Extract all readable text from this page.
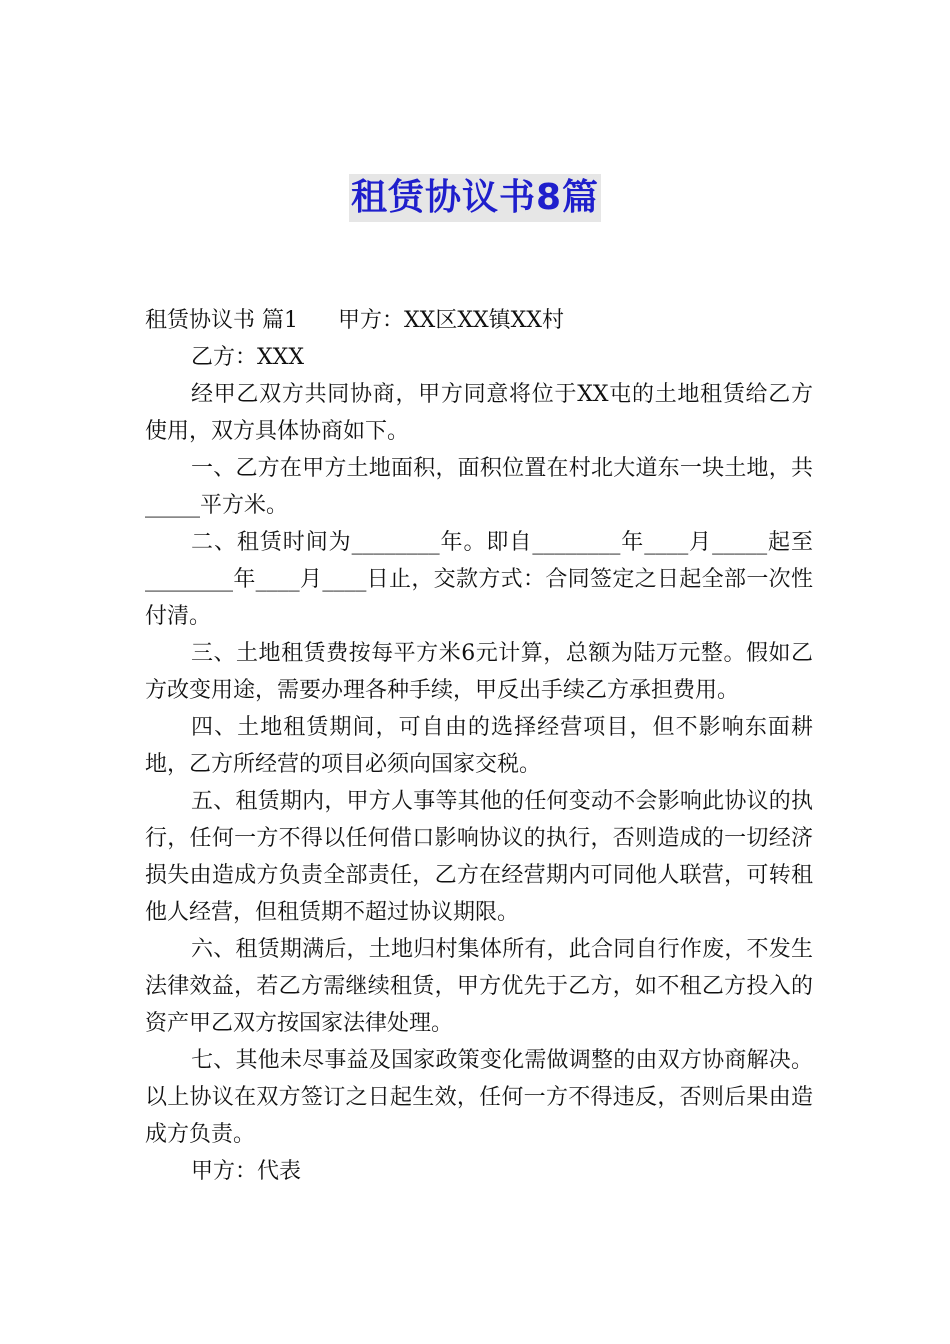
租赁协议书8篇

租赁协议书 篇1 甲方：XX区XX镇XX村

乙方：XXX

经甲乙双方共同协商，甲方同意将位于XX屯的土地租赁给乙方使用，双方具体协商如下。

一、乙方在甲方土地面积，面积位置在村北大道东一块土地，共_____平方米。

二、租赁时间为________年。即自________年____月_____起至________年____月____日止，交款方式：合同签定之日起全部一次性付清。

三、土地租赁费按每平方米6元计算，总额为陆万元整。假如乙方改变用途，需要办理各种手续，甲反出手续乙方承担费用。

四、土地租赁期间，可自由的选择经营项目，但不影响东面耕地，乙方所经营的项目必须向国家交税。

五、租赁期内，甲方人事等其他的任何变动不会影响此协议的执行，任何一方不得以任何借口影响协议的执行，否则造成的一切经济损失由造成方负责全部责任，乙方在经营期内可同他人联营，可转租他人经营，但租赁期不超过协议期限。

六、租赁期满后，土地归村集体所有，此合同自行作废，不发生法律效益，若乙方需继续租赁，甲方优先于乙方，如不租乙方投入的资产甲乙双方按国家法律处理。

七、其他未尽事益及国家政策变化需做调整的由双方协商解决。以上协议在双方签订之日起生效，任何一方不得违反，否则后果由造成方负责。

甲方：代表
